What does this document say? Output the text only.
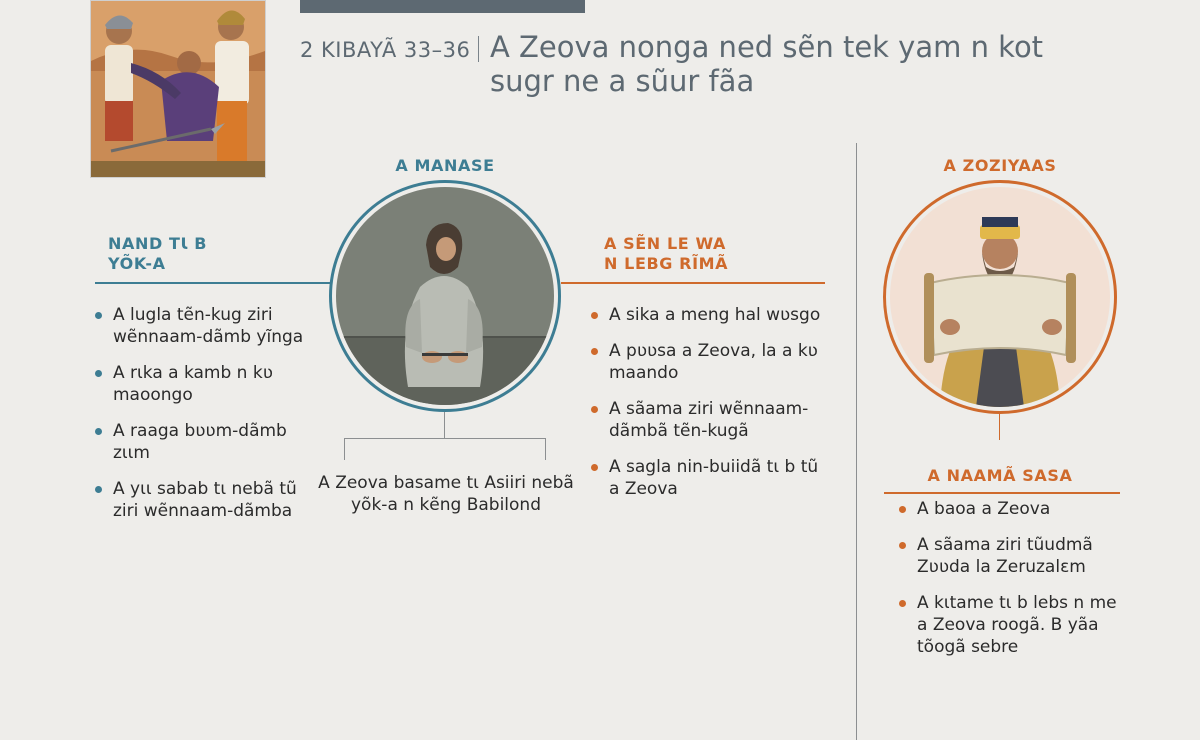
2 KIBAYÃ 33–36 A Zeova nonga ned sẽn tek yam n kot sugr ne a sũur fãa
A MANASE
NAND TƖ B
YÕK-A
A lugla tẽn-kug ziri wẽnnaam-dãmb yĩnga
A rɩka a kamb n kʋ maoongo
A raaga bʋʋm-dãmb zɩɩm
A yɩɩ sabab tɩ nebã tũ ziri wẽnnaam-dãmba
A Zeova basame tɩ Asiiri nebã yõk-a n kẽng Babilond
A SẼN LE WA
N LEBG RĨMÃ
A sika a meng hal wʋsgo
A pʋʋsa a Zeova, la a kʋ maando
A sãama ziri wẽnnaam-dãmbã tẽn-kugã
A sagla nin-buiidã tɩ b tũ a Zeova
A ZOZIYAAS
A NAAMÃ SASA
A baoa a Zeova
A sãama ziri tũudmã Zʋʋda la Zeruzalɛm
A kɩtame tɩ b lebs n me a Zeova roogã. B yãa tõogã sebre
